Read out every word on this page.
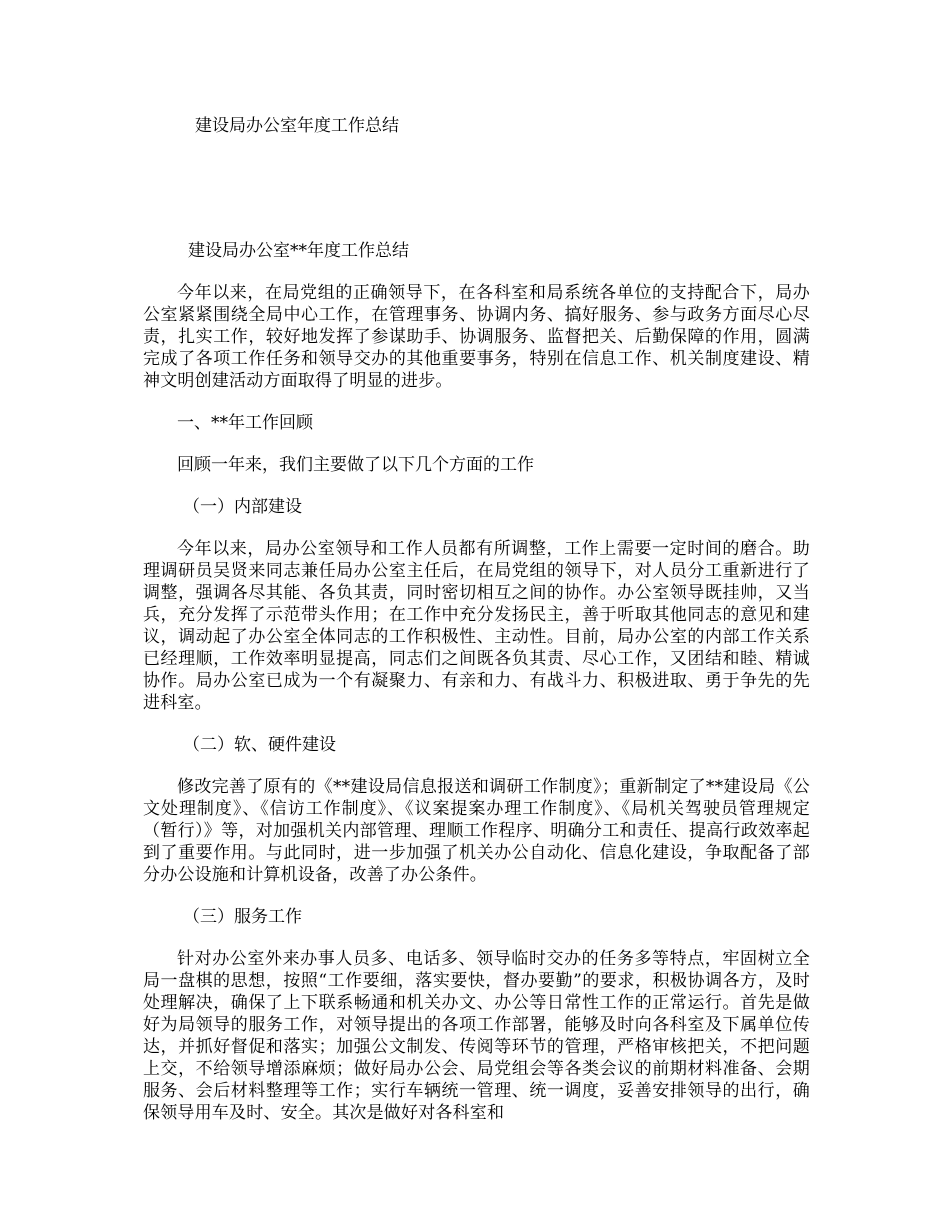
建设局办公室年度工作总结
建设局办公室**年度工作总结

今年以来，在局党组的正确领导下，在各科室和局系统各单位的支持配合下，局办公室紧紧围绕全局中心工作，在管理事务、协调内务、搞好服务、参与政务方面尽心尽责，扎实工作，较好地发挥了参谋助手、协调服务、监督把关、后勤保障的作用，圆满完成了各项工作任务和领导交办的其他重要事务，特别在信息工作、机关制度建设、精神文明创建活动方面取得了明显的进步。

一、**年工作回顾

回顾一年来，我们主要做了以下几个方面的工作

（一）内部建设

今年以来，局办公室领导和工作人员都有所调整，工作上需要一定时间的磨合。助理调研员吴贤来同志兼任局办公室主任后，在局党组的领导下，对人员分工重新进行了调整，强调各尽其能、各负其责，同时密切相互之间的协作。办公室领导既挂帅，又当兵，充分发挥了示范带头作用；在工作中充分发扬民主，善于听取其他同志的意见和建议，调动起了办公室全体同志的工作积极性、主动性。目前，局办公室的内部工作关系已经理顺，工作效率明显提高，同志们之间既各负其责、尽心工作，又团结和睦、精诚协作。局办公室已成为一个有凝聚力、有亲和力、有战斗力、积极进取、勇于争先的先进科室。

（二）软、硬件建设

修改完善了原有的《**建设局信息报送和调研工作制度》；重新制定了**建设局《公文处理制度》、《信访工作制度》、《议案提案办理工作制度》、《局机关驾驶员管理规定（暂行）》等，对加强机关内部管理、理顺工作程序、明确分工和责任、提高行政效率起到了重要作用。与此同时，进一步加强了机关办公自动化、信息化建设，争取配备了部分办公设施和计算机设备，改善了办公条件。

（三）服务工作

针对办公室外来办事人员多、电话多、领导临时交办的任务多等特点，牢固树立全局一盘棋的思想，按照“工作要细，落实要快，督办要勤”的要求，积极协调各方，及时处理解决，确保了上下联系畅通和机关办文、办公等日常性工作的正常运行。首先是做好为局领导的服务工作，对领导提出的各项工作部署，能够及时向各科室及下属单位传达，并抓好督促和落实；加强公文制发、传阅等环节的管理，严格审核把关，不把问题上交，不给领导增添麻烦；做好局办公会、局党组会等各类会议的前期材料准备、会期服务、会后材料整理等工作；实行车辆统一管理、统一调度，妥善安排领导的出行，确保领导用车及时、安全。其次是做好对各科室和
